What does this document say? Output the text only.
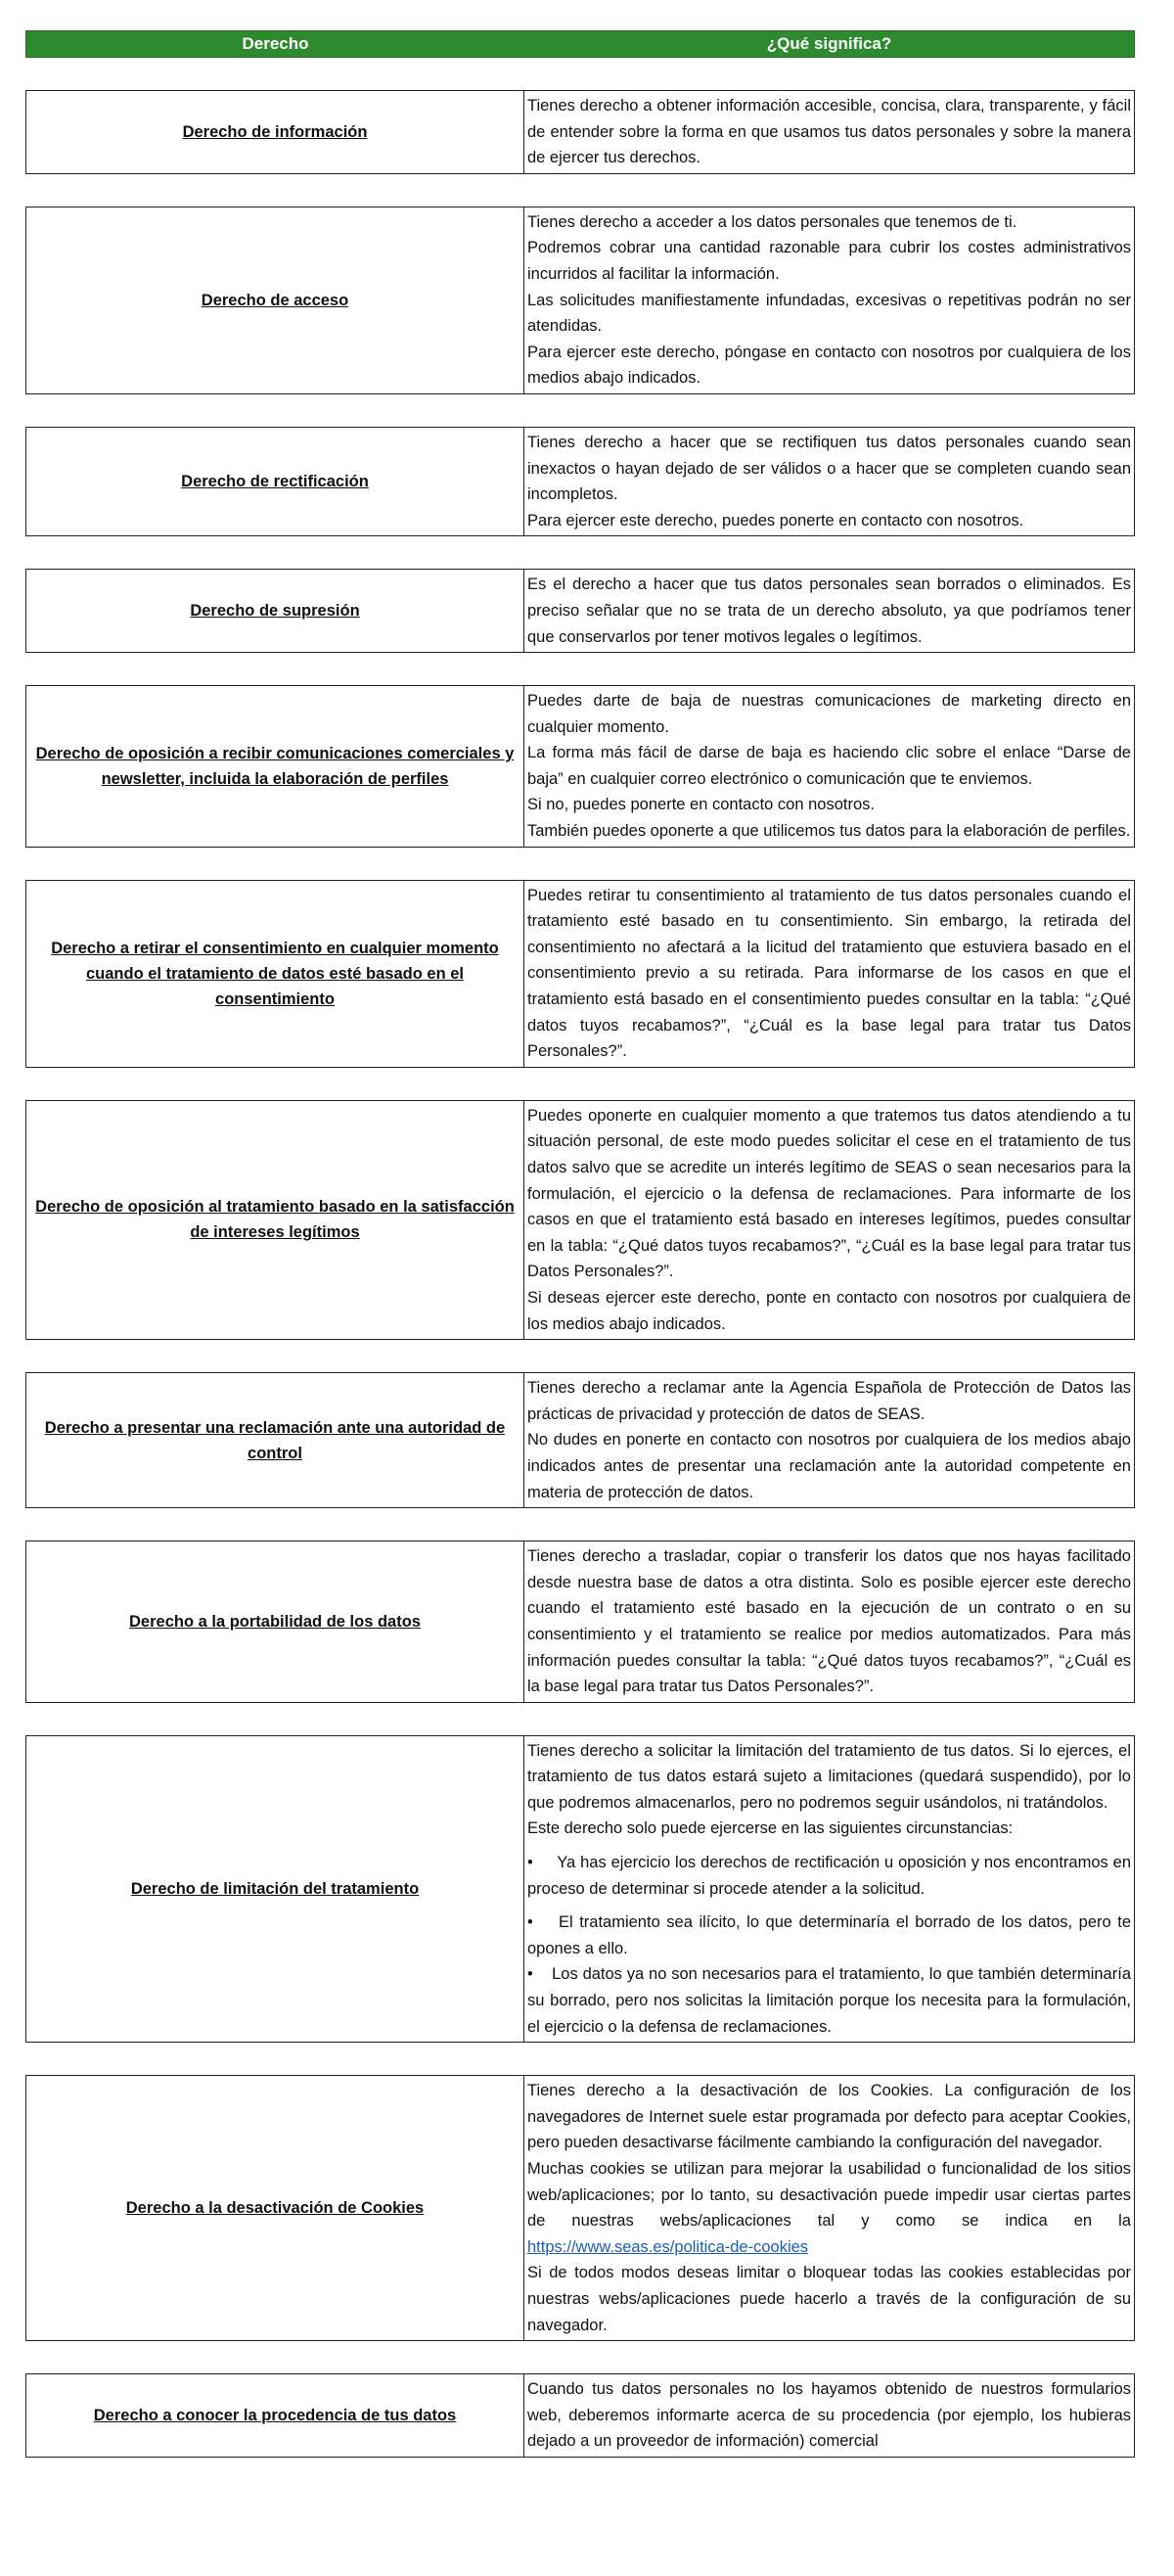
Derecho	¿Qué significa?
Derecho de información

Tienes derecho a obtener información accesible, concisa, clara, transparente, y fácil de entender sobre la forma en que usamos tus datos personales y sobre la manera de ejercer tus derechos.

Derecho de acceso

Tienes derecho a acceder a los datos personales que tenemos de ti.

Podremos cobrar una cantidad razonable para cubrir los costes administrativos incurridos al facilitar la información.

Las solicitudes manifiestamente infundadas, excesivas o repetitivas podrán no ser atendidas.

Para ejercer este derecho, póngase en contacto con nosotros por cualquiera de los medios abajo indicados.

Derecho de rectificación

Tienes derecho a hacer que se rectifiquen tus datos personales cuando sean inexactos o hayan dejado de ser válidos o a hacer que se completen cuando sean incompletos.

Para ejercer este derecho, puedes ponerte en contacto con nosotros.

Derecho de supresión

Es el derecho a hacer que tus datos personales sean borrados o eliminados. Es preciso señalar que no se trata de un derecho absoluto, ya que podríamos tener que conservarlos por tener motivos legales o legítimos.

Derecho de oposición a recibir comunicaciones comerciales y newsletter, incluida la elaboración de perfiles

Puedes darte de baja de nuestras comunicaciones de marketing directo en cualquier momento.

La forma más fácil de darse de baja es haciendo clic sobre el enlace “Darse de baja” en cualquier correo electrónico o comunicación que te enviemos.

Si no, puedes ponerte en contacto con nosotros.

También puedes oponerte a que utilicemos tus datos para la elaboración de perfiles.

Derecho a retirar el consentimiento en cualquier momento cuando el tratamiento de datos esté basado en el consentimiento

Puedes retirar tu consentimiento al tratamiento de tus datos personales cuando el tratamiento esté basado en tu consentimiento. Sin embargo, la retirada del consentimiento no afectará a la licitud del tratamiento que estuviera basado en el consentimiento previo a su retirada. Para informarse de los casos en que el tratamiento está basado en el consentimiento puedes consultar en la tabla: “¿Qué datos tuyos recabamos?”, “¿Cuál es la base legal para tratar tus Datos Personales?”.

Derecho de oposición al tratamiento basado en la satisfacción de intereses legítimos

Puedes oponerte en cualquier momento a que tratemos tus datos atendiendo a tu situación personal, de este modo puedes solicitar el cese en el tratamiento de tus datos salvo que se acredite un interés legítimo de SEAS o sean necesarios para la formulación, el ejercicio o la defensa de reclamaciones. Para informarte de los casos en que el tratamiento está basado en intereses legítimos, puedes consultar en la tabla: “¿Qué datos tuyos recabamos?”, “¿Cuál es la base legal para tratar tus Datos Personales?”.

Si deseas ejercer este derecho, ponte en contacto con nosotros por cualquiera de los medios abajo indicados.

Derecho a presentar una reclamación ante una autoridad de control

Tienes derecho a reclamar ante la Agencia Española de Protección de Datos las prácticas de privacidad y protección de datos de SEAS.

No dudes en ponerte en contacto con nosotros por cualquiera de los medios abajo indicados antes de presentar una reclamación ante la autoridad competente en materia de protección de datos.

Derecho a la portabilidad de los datos

Tienes derecho a trasladar, copiar o transferir los datos que nos hayas facilitado desde nuestra base de datos a otra distinta. Solo es posible ejercer este derecho cuando el tratamiento esté basado en la ejecución de un contrato o en su consentimiento y el tratamiento se realice por medios automatizados. Para más información puedes consultar la tabla: “¿Qué datos tuyos recabamos?”, “¿Cuál es la base legal para tratar tus Datos Personales?”.

Derecho de limitación del tratamiento

Tienes derecho a solicitar la limitación del tratamiento de tus datos. Si lo ejerces, el tratamiento de tus datos estará sujeto a limitaciones (quedará suspendido), por lo que podremos almacenarlos, pero no podremos seguir usándolos, ni tratándolos.

Este derecho solo puede ejercerse en las siguientes circunstancias:

•     Ya has ejercicio los derechos de rectificación u oposición y nos encontramos en proceso de determinar si procede atender a la solicitud.

•    El tratamiento sea ilícito, lo que determinaría el borrado de los datos, pero te opones a ello.

•    Los datos ya no son necesarios para el tratamiento, lo que también determinaría su borrado, pero nos solicitas la limitación porque los necesita para la formulación, el ejercicio o la defensa de reclamaciones.

Derecho a la desactivación de Cookies

Tienes derecho a la desactivación de los Cookies. La configuración de los navegadores de Internet suele estar programada por defecto para aceptar Cookies, pero pueden desactivarse fácilmente cambiando la configuración del navegador.

Muchas cookies se utilizan para mejorar la usabilidad o funcionalidad de los sitios web/aplicaciones; por lo tanto, su desactivación puede impedir usar ciertas partes de nuestras webs/aplicaciones tal y como se indica en la https://www.seas.es/politica-de-cookies

Si de todos modos deseas limitar o bloquear todas las cookies establecidas por nuestras webs/aplicaciones puede hacerlo a través de la configuración de su navegador.

Derecho a conocer la procedencia de tus datos

Cuando tus datos personales no los hayamos obtenido de nuestros formularios web, deberemos informarte acerca de su procedencia (por ejemplo, los hubieras dejado a un proveedor de información) comercial
